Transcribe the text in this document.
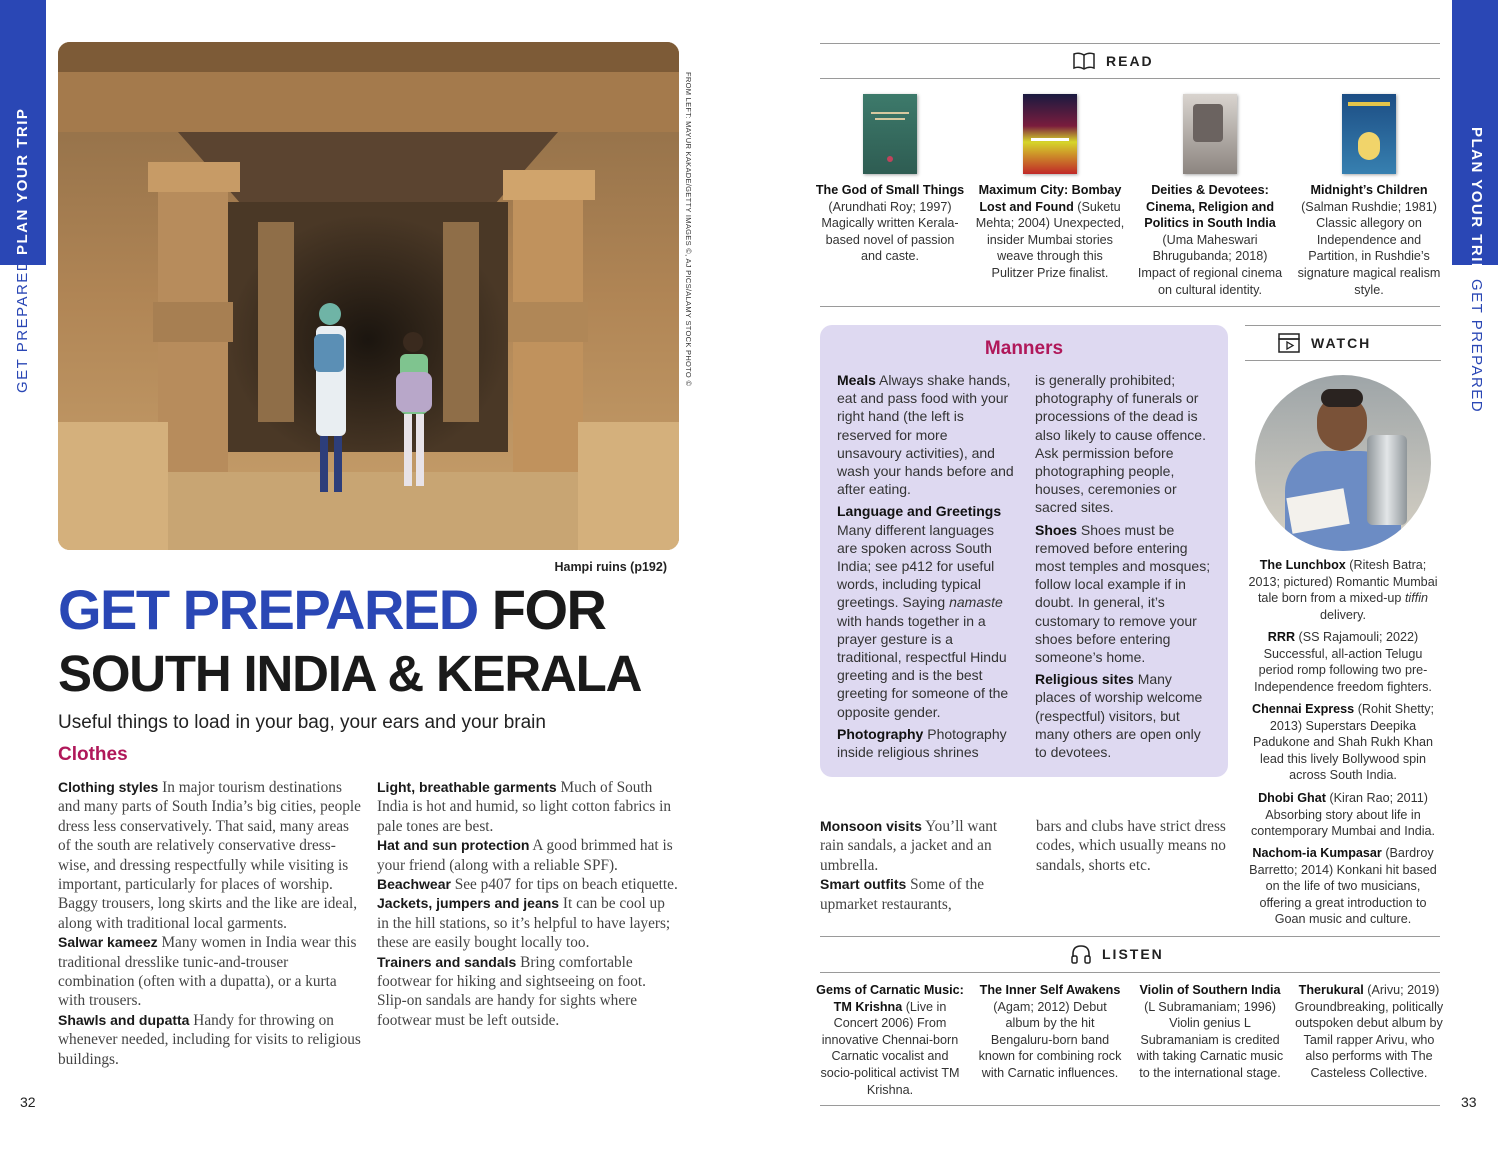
PLAN YOUR TRIP
GET PREPARED
PLAN YOUR TRIP
GET PREPARED
32	33
FROM LEFT: MAYUR KAKADE/GETTY IMAGES ©, AJ PICS/ALAMY STOCK PHOTO ©
Hampi ruins (p192)
GET PREPARED FOR
SOUTH INDIA & KERALA
Useful things to load in your bag, your ears and your brain
Clothes

Clothing styles In major tourism destinations and many parts of South India’s big cities, people dress less conservatively. That said, many areas of the south are relatively conservative dress-wise, and dressing respectfully while visiting is important, particularly for places of worship. Baggy trousers, long skirts and the like are ideal, along with traditional local garments.

Salwar kameez Many women in India wear this traditional dresslike tunic-and-trouser combination (often with a dupatta), or a kurta with trousers.

Shawls and dupatta Handy for throwing on whenever needed, including for visits to religious buildings.

Light, breathable garments Much of South India is hot and humid, so light cotton fabrics in pale tones are best.

Hat and sun protection A good brimmed hat is your friend (along with a reliable SPF).

Beachwear See p407 for tips on beach etiquette.

Jackets, jumpers and jeans It can be cool up in the hill stations, so it’s helpful to have layers; these are easily bought locally too.

Trainers and sandals Bring comfortable footwear for hiking and sightseeing on foot. Slip-on sandals are handy for sights where footwear must be left outside.

READ
The God of Small Things (Arundhati Roy; 1997) Magically written Kerala-based novel of passion and caste.
Maximum City: Bombay Lost and Found (Suketu Mehta; 2004) Unexpected, insider Mumbai stories weave through this Pulitzer Prize finalist.
Deities & Devotees: Cinema, Religion and Politics in South India (Uma Maheswari Bhrugubanda; 2018) Impact of regional cinema on cultural identity.
Midnight’s Children (Salman Rushdie; 1981) Classic allegory on Independence and Partition, in Rushdie’s signature magical realism style.
Manners

Meals Always shake hands, eat and pass food with your right hand (the left is reserved for more unsavoury activities), and wash your hands before and after eating.

Language and Greetings Many different languages are spoken across South India; see p412 for useful words, including typical greetings. Saying namaste with hands together in a prayer gesture is a traditional, respectful Hindu greeting and is the best greeting for someone of the opposite gender.

Photography Photography inside religious shrines

is generally prohibited; photography of funerals or processions of the dead is also likely to cause offence. Ask permission before photographing people, houses, ceremonies or sacred sites.

Shoes Shoes must be removed before entering most temples and mosques; follow local example if in doubt. In general, it’s customary to remove your shoes before entering someone’s home.

Religious sites Many places of worship welcome (respectful) visitors, but many others are open only to devotees.

Monsoon visits You’ll want rain sandals, a jacket and an umbrella.

Smart outfits Some of the upmarket restaurants,

bars and clubs have strict dress codes, which usually means no sandals, shorts etc.

WATCH
The Lunchbox (Ritesh Batra; 2013; pictured) Romantic Mumbai tale born from a mixed-up tiffin delivery.
RRR (SS Rajamouli; 2022) Successful, all-action Telugu period romp following two pre-Independence freedom fighters.
Chennai Express (Rohit Shetty; 2013) Superstars Deepika Padukone and Shah Rukh Khan lead this lively Bollywood spin across South India.
Dhobi Ghat (Kiran Rao; 2011) Absorbing story about life in contemporary Mumbai and India.
Nachom-ia Kumpasar (Bardroy Barretto; 2014) Konkani hit based on the life of two musicians, offering a great introduction to Goan music and culture.
LISTEN
Gems of Carnatic Music: TM Krishna (Live in Concert 2006) From innovative Chennai-born Carnatic vocalist and socio-political activist TM Krishna.
The Inner Self Awakens (Agam; 2012) Debut album by the hit Bengaluru-born band known for combining rock with Carnatic influences.
Violin of Southern India (L Subramaniam; 1996) Violin genius L Subramaniam is credited with taking Carnatic music to the international stage.
Therukural (Arivu; 2019) Groundbreaking, politically outspoken debut album by Tamil rapper Arivu, who also performs with The Casteless Collective.
